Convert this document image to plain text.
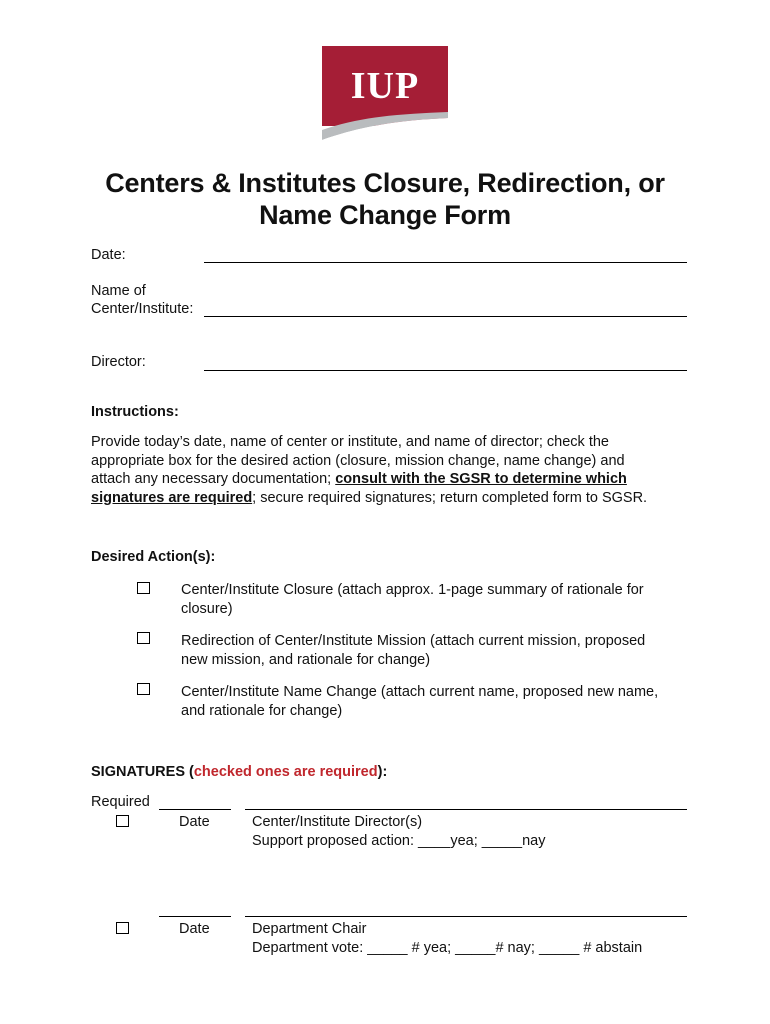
IUP
Centers & Institutes Closure, Redirection, or
Name Change Form
Date:
Name of
Center/Institute:
Director:
Instructions:
Provide today’s date, name of center or institute, and name of director; check the
appropriate box for the desired action (closure, mission change, name change) and
attach any necessary documentation; consult with the SGSR to determine which
signatures are required; secure required signatures; return completed form to SGSR.
Desired Action(s):
Center/Institute Closure (attach approx. 1-page summary of rationale for
closure)
Redirection of Center/Institute Mission (attach current mission, proposed
new mission, and rationale for change)
Center/Institute Name Change (attach current name, proposed new name,
and rationale for change)
SIGNATURES (checked ones are required):
Required
Date	Center/Institute Director(s)
Support proposed action: ____yea; _____nay
Date	Department Chair
Department vote: _____ # yea; _____# nay; _____ # abstain
